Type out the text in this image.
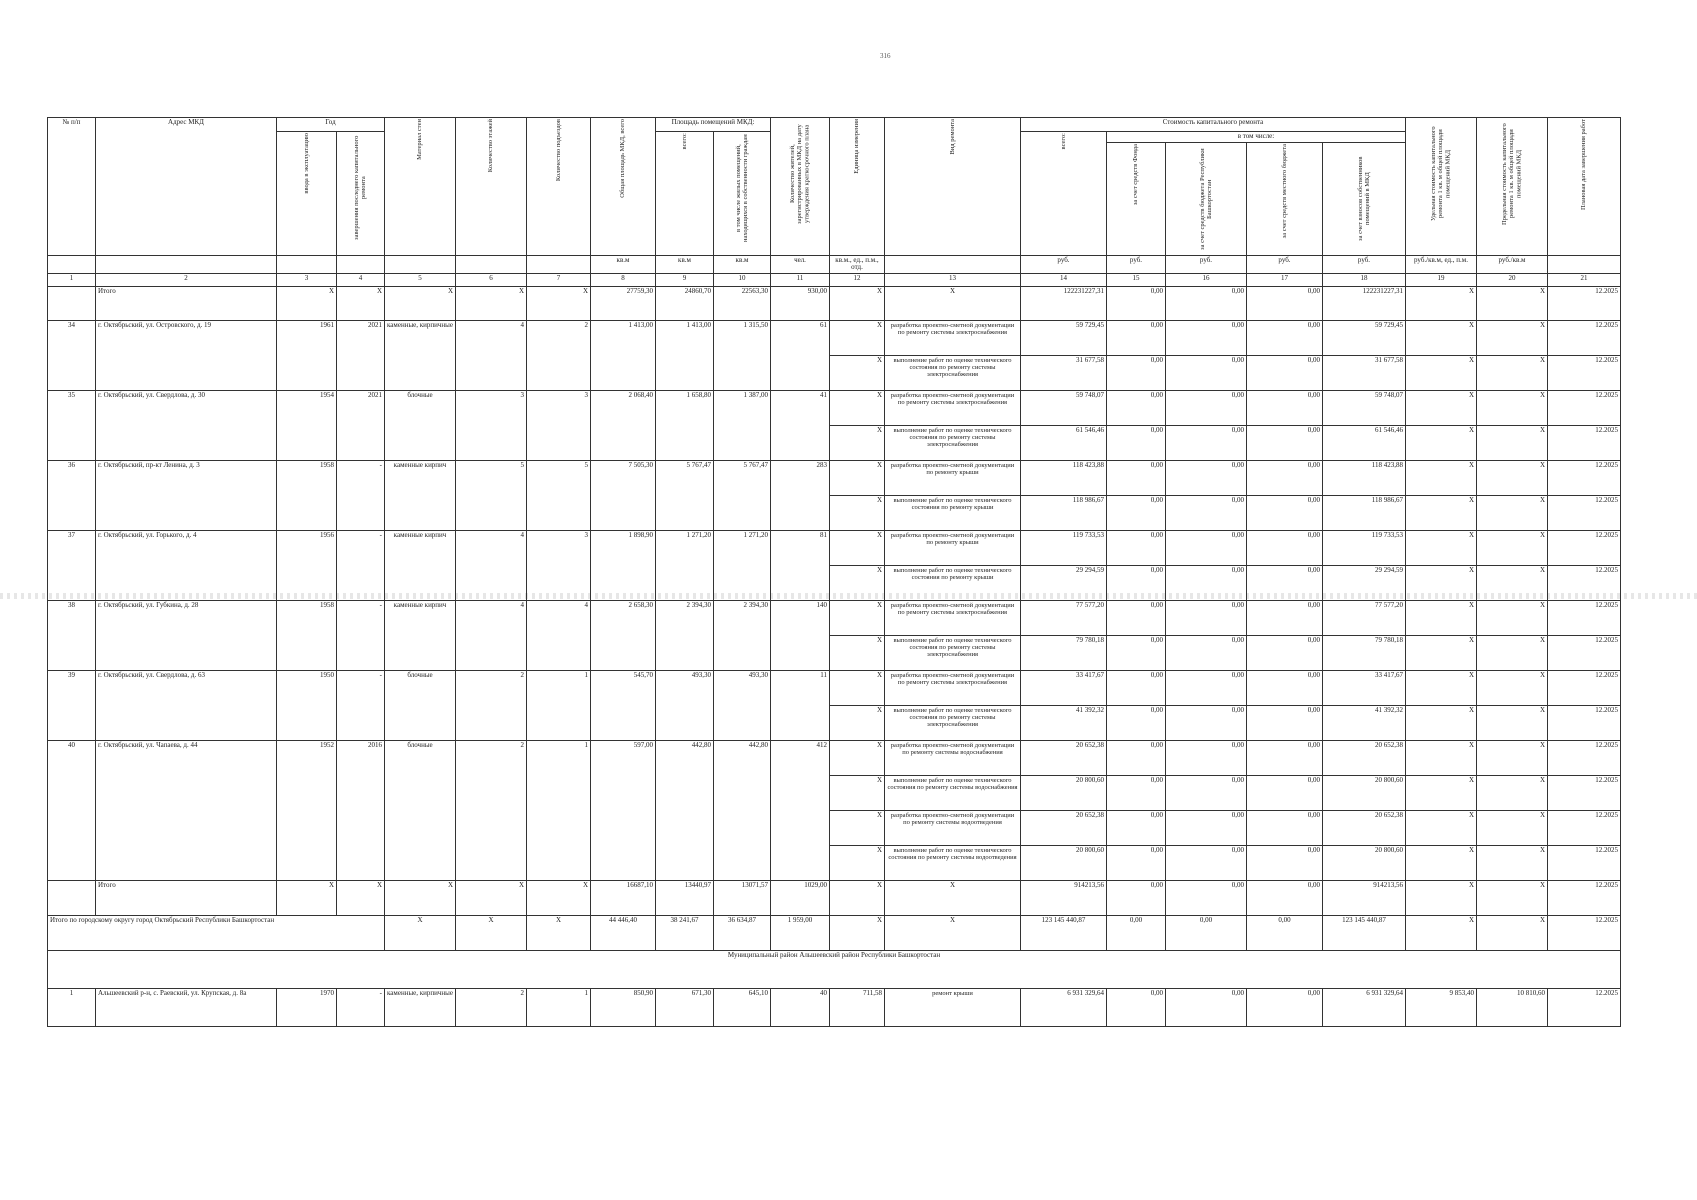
316
№ п/п	Адрес МКД	Год		Материал стен	Количество этажей	Количество подъездов	Общая площадь МКД, всего	Площадь помещений МКД:		Количество жителей, зарегистрированных в МКД на дату утверждения краткосрочного плана	Единица измерения	Вид ремонта	Стоимость капитального ремонта					Удельная стоимость капитального ремонта 1 кв. м общей площади помещений МКД	Предельная стоимость капитального ремонта 1 кв. м общей площади помещений МКД	Плановая дата завершения работ

		ввода в эксплуатацию	завершения последнего капитального ремонта					всего:	в том числе жилых помещений, находящихся в собственности граждан				всего:	в том числе:						

														за счет средств Фонда	за счет средств бюджета Республики Башкортостан	за счет средств местного бюджета	за счет взносов собственников помещений в МКД			

							кв.м	кв.м	кв.м	чел.	кв.м., ед., п.м., отд.		руб.	руб.	руб.	руб.	руб.	руб./кв.м, ед., п.м.	руб./кв.м	
1	2	3	4	5	6	7	8	9	10	11	12	13	14	15	16	17	18	19	20	21
	Итого	X	X	X	X	X	27759,30	24860,70	22563,30	930,00	X	X	122231227,31	0,00	0,00	0,00	122231227,31	X	X	12.2025
34	г. Октябрьский, ул. Островского, д. 19	1961	2021	каменные, кирпичные	4	2	1 413,00	1 413,00	1 315,50	61	X	разработка проектно-сметной документации по ремонту системы электроснабжения	59 729,45	0,00	0,00	0,00	59 729,45	X	X	12.2025
											X	выполнение работ по оценке технического состояния по ремонту системы электроснабжения	31 677,58	0,00	0,00	0,00	31 677,58	X	X	12.2025
35	г. Октябрьский, ул. Свердлова, д. 30	1954	2021	блочные	3	3	2 068,40	1 658,80	1 387,00	41	X	разработка проектно-сметной документации по ремонту системы электроснабжения	59 748,07	0,00	0,00	0,00	59 748,07	X	X	12.2025
											X	выполнение работ по оценке технического состояния по ремонту системы электроснабжения	61 546,46	0,00	0,00	0,00	61 546,46	X	X	12.2025
36	г. Октябрьский, пр-кт Ленина, д. 3	1958	-	каменные кирпич	5	5	7 505,30	5 767,47	5 767,47	283	X	разработка проектно-сметной документации по ремонту крыши	118 423,88	0,00	0,00	0,00	118 423,88	X	X	12.2025
											X	выполнение работ по оценке технического состояния по ремонту крыши	118 986,67	0,00	0,00	0,00	118 986,67	X	X	12.2025
37	г. Октябрьский, ул. Горького, д. 4	1956	-	каменные кирпич	4	3	1 898,90	1 271,20	1 271,20	81	X	разработка проектно-сметной документации по ремонту крыши	119 733,53	0,00	0,00	0,00	119 733,53	X	X	12.2025
											X	выполнение работ по оценке технического состояния по ремонту крыши	29 294,59	0,00	0,00	0,00	29 294,59	X	X	12.2025
38	г. Октябрьский, ул. Губкина, д. 28	1958	-	каменные кирпич	4	4	2 658,30	2 394,30	2 394,30	140	X	разработка проектно-сметной документации по ремонту системы электроснабжения	77 577,20	0,00	0,00	0,00	77 577,20	X	X	12.2025
											X	выполнение работ по оценке технического состояния по ремонту системы электроснабжения	79 780,18	0,00	0,00	0,00	79 780,18	X	X	12.2025
39	г. Октябрьский, ул. Свердлова, д. 63	1950	-	блочные	2	1	545,70	493,30	493,30	11	X	разработка проектно-сметной документации по ремонту системы электроснабжения	33 417,67	0,00	0,00	0,00	33 417,67	X	X	12.2025
											X	выполнение работ по оценке технического состояния по ремонту системы электроснабжения	41 392,32	0,00	0,00	0,00	41 392,32	X	X	12.2025
40	г. Октябрьский, ул. Чапаева, д. 44	1952	2016	блочные	2	1	597,00	442,80	442,80	412	X	разработка проектно-сметной документации по ремонту системы водоснабжения	20 652,38	0,00	0,00	0,00	20 652,38	X	X	12.2025
											X	выполнение работ по оценке технического состояния по ремонту системы водоснабжения	20 800,60	0,00	0,00	0,00	20 800,60	X	X	12.2025
											X	разработка проектно-сметной документации по ремонту системы водоотведения	20 652,38	0,00	0,00	0,00	20 652,38	X	X	12.2025
											X	выполнение работ по оценке технического состояния по ремонту системы водоотведения	20 800,60	0,00	0,00	0,00	20 800,60	X	X	12.2025
	Итого	X	X	X	X	X	16687,10	13440,97	13071,57	1029,00	X	X	914213,56	0,00	0,00	0,00	914213,56	X	X	12.2025
Итого по городскому округу город Октябрьский Республики Башкортостан				X	X	X	44 446,40	38 241,67	36 634,87	1 959,00	X	X	123 145 440,87	0,00	0,00	0,00	123 145 440,87	X	X	12.2025
Муниципальный район Альшеевский район Республики Башкортостан																				
1	Альшеевский р-н, с. Раевский, ул. Крупская, д. 8а	1970	-	каменные, кирпичные	2	1	850,90	671,30	645,10	40	711,58	ремонт крыши	6 931 329,64	0,00	0,00	0,00	6 931 329,64	9 853,40	10 810,60	12.2025
